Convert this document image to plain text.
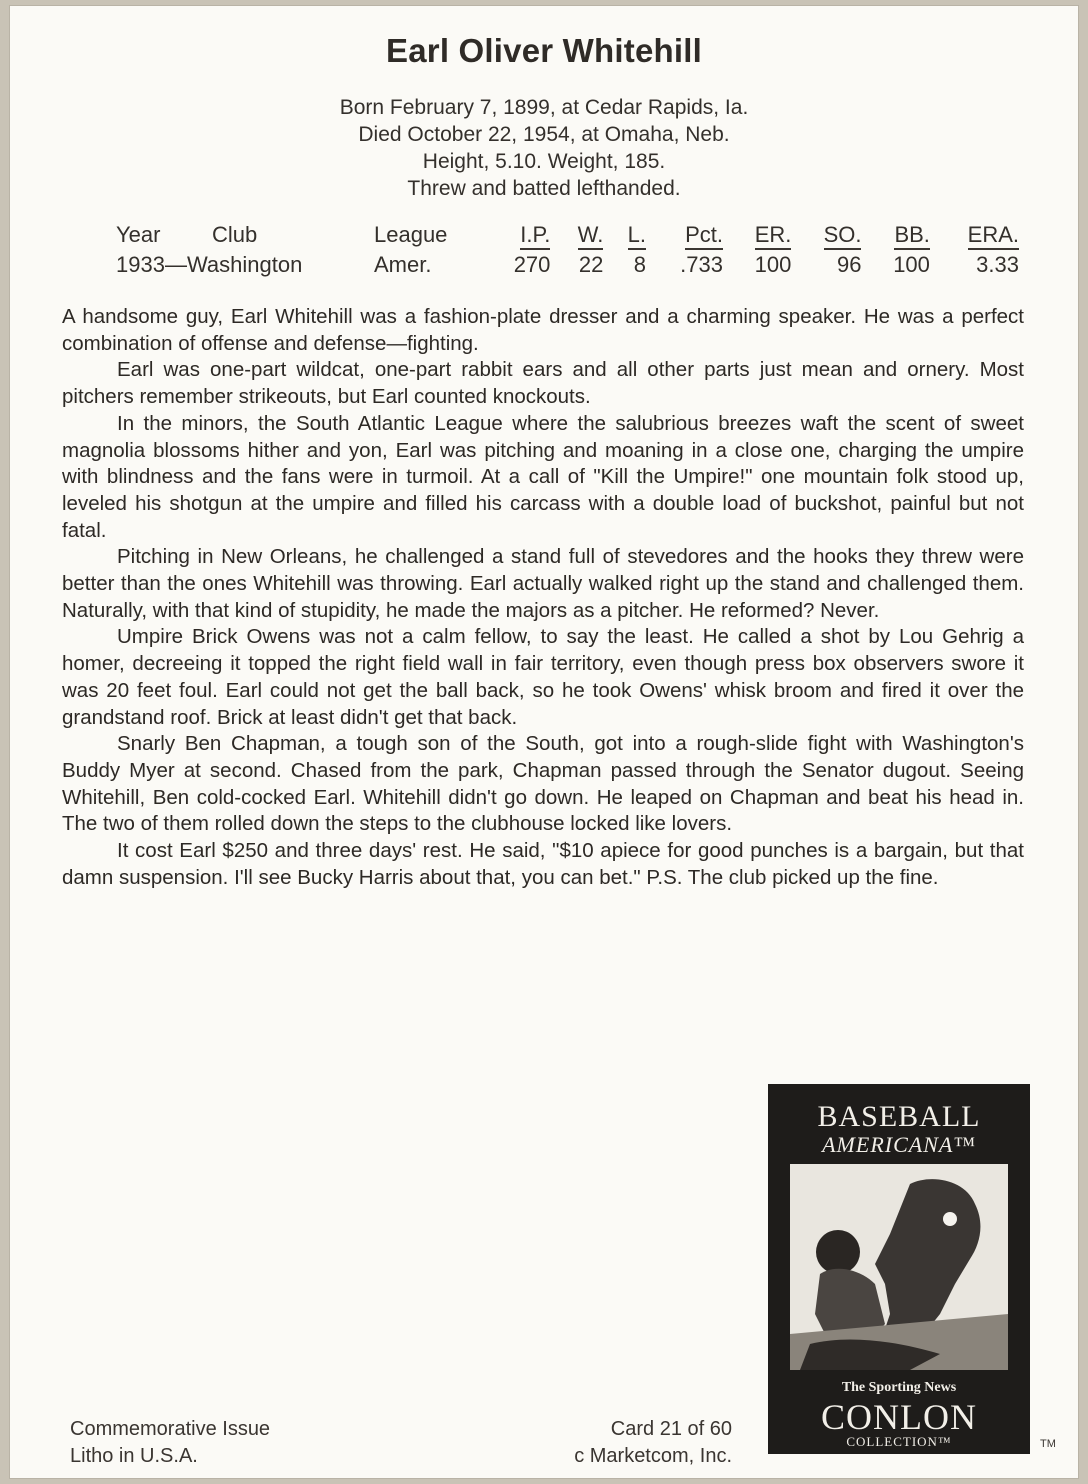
Earl Oliver Whitehill
Born February 7, 1899, at Cedar Rapids, Ia.
Died October 22, 1954, at Omaha, Neb.
Height, 5.10. Weight, 185.
Threw and batted lefthanded.
Year	Club	League	I.P.	W.	L.	Pct.	ER.	SO.	BB.	ERA.
1933—Washington		Amer.	270	22	8	.733	100	96	100	3.33

A handsome guy, Earl Whitehill was a fashion-plate dresser and a charming speaker. He was a perfect combination of offense and defense—fighting.

Earl was one-part wildcat, one-part rabbit ears and all other parts just mean and ornery. Most pitchers remember strikeouts, but Earl counted knockouts.

In the minors, the South Atlantic League where the salubrious breezes waft the scent of sweet magnolia blossoms hither and yon, Earl was pitching and moaning in a close one, charging the umpire with blindness and the fans were in turmoil. At a call of "Kill the Umpire!" one mountain folk stood up, leveled his shotgun at the umpire and filled his carcass with a double load of buckshot, painful but not fatal.

Pitching in New Orleans, he challenged a stand full of stevedores and the hooks they threw were better than the ones Whitehill was throwing. Earl actually walked right up the stand and challenged them. Naturally, with that kind of stupidity, he made the majors as a pitcher. He reformed? Never.

Umpire Brick Owens was not a calm fellow, to say the least. He called a shot by Lou Gehrig a homer, decreeing it topped the right field wall in fair territory, even though press box observers swore it was 20 feet foul. Earl could not get the ball back, so he took Owens' whisk broom and fired it over the grandstand roof. Brick at least didn't get that back.

Snarly Ben Chapman, a tough son of the South, got into a rough-slide fight with Washington's Buddy Myer at second. Chased from the park, Chapman passed through the Senator dugout. Seeing Whitehill, Ben cold-cocked Earl. Whitehill didn't go down. He leaped on Chapman and beat his head in. The two of them rolled down the steps to the clubhouse locked like lovers.

It cost Earl $250 and three days' rest. He said, "$10 apiece for good punches is a bargain, but that damn suspension. I'll see Bucky Harris about that, you can bet." P.S. The club picked up the fine.

BASEBALL
AMERICANA™
The Sporting News
CONLON
COLLECTION™	TM
Commemorative Issue
Litho in U.S.A.
Card 21 of 60
c Marketcom, Inc.
